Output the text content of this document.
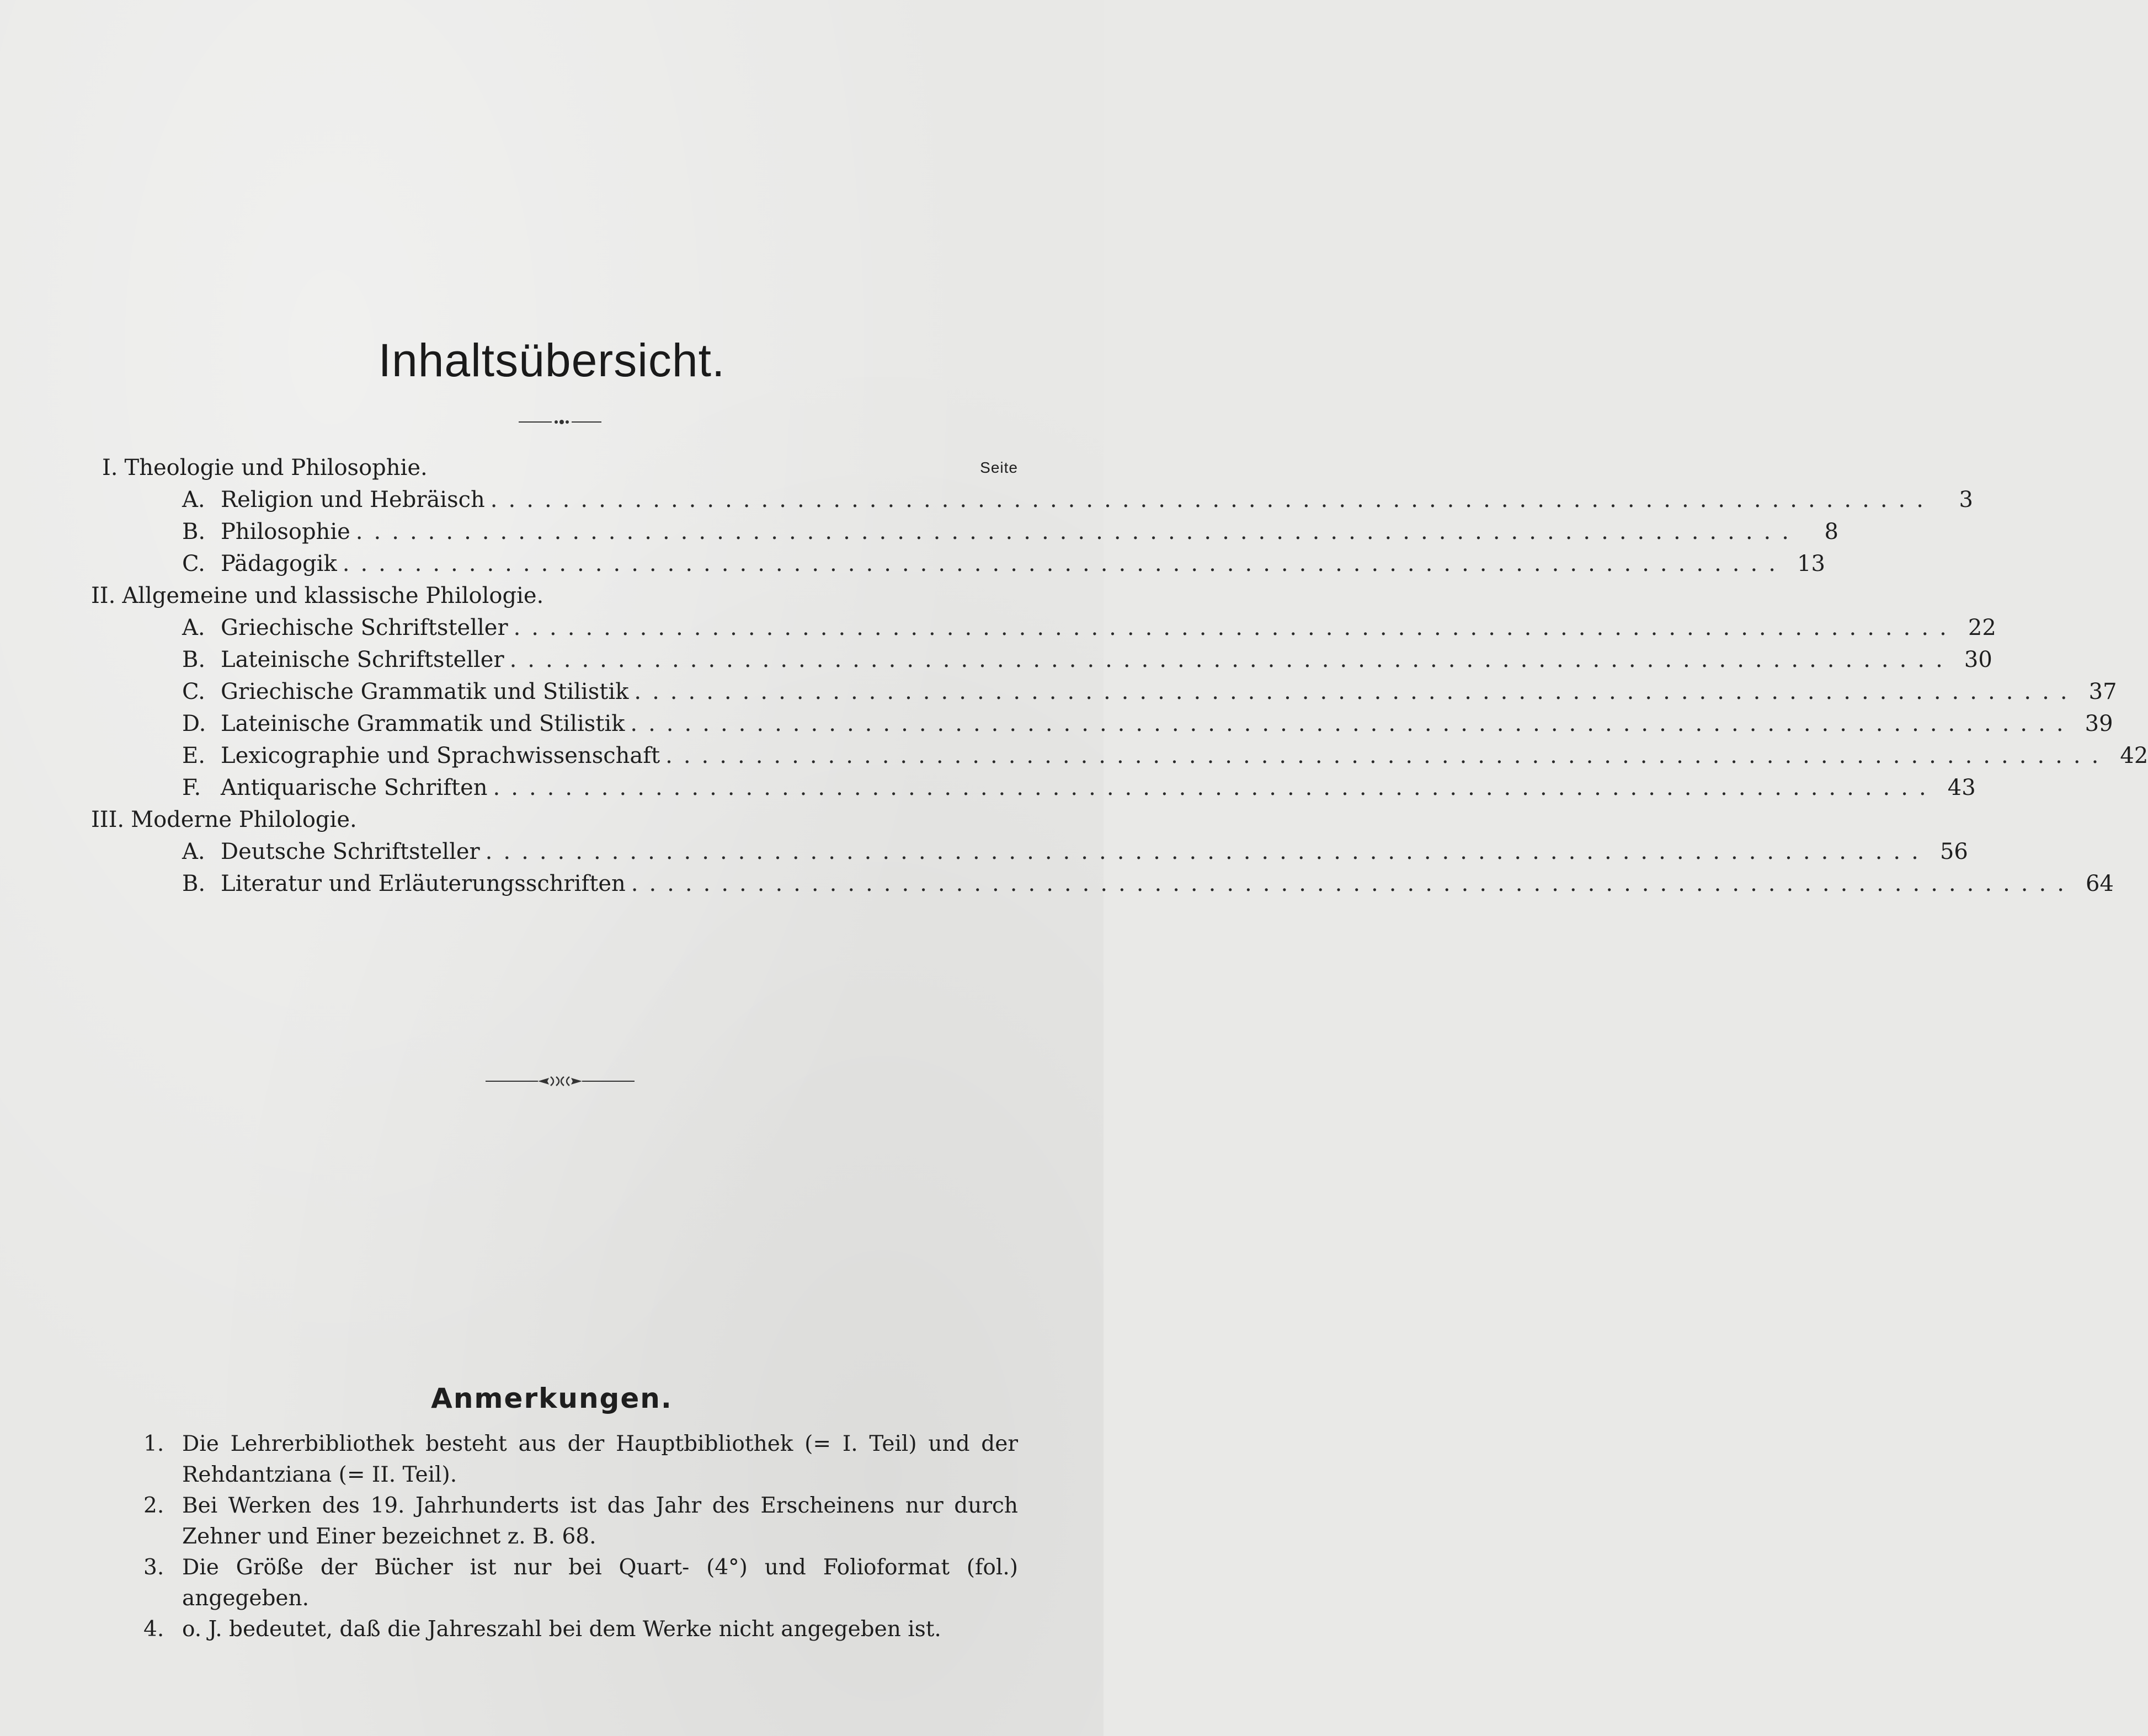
Inhaltsübersicht.
Seite
I. Theologie und Philosophie.
A. Religion und Hebräisch ................................................................................	3
B. Philosophie ................................................................................	8
C. Pädagogik ................................................................................ 13
II. Allgemeine und klassische Philologie.
A. Griechische Schriftsteller ................................................................................ 22
B. Lateinische Schriftsteller ................................................................................ 30
C. Griechische Grammatik und Stilistik ................................................................................ 37
D. Lateinische Grammatik und Stilistik ................................................................................ 39
E. Lexicographie und Sprachwissenschaft ................................................................................ 42
F. Antiquarische Schriften ................................................................................ 43
III. Moderne Philologie.
A. Deutsche Schriftsteller ................................................................................ 56
B. Literatur und Erläuterungsschriften ................................................................................ 64
Anmerkungen.

1. Die Lehrerbibliothek besteht aus der Hauptbibliothek (= I. Teil) und der Rehdantziana (= II. Teil).

2. Bei Werken des 19. Jahrhunderts ist das Jahr des Erscheinens nur durch Zehner und Einer bezeichnet z. B. 68.

3. Die Größe der Bücher ist nur bei Quart- (4°) und Folioformat (fol.) angegeben.

4. o. J. bedeutet, daß die Jahreszahl bei dem Werke nicht angegeben ist.
